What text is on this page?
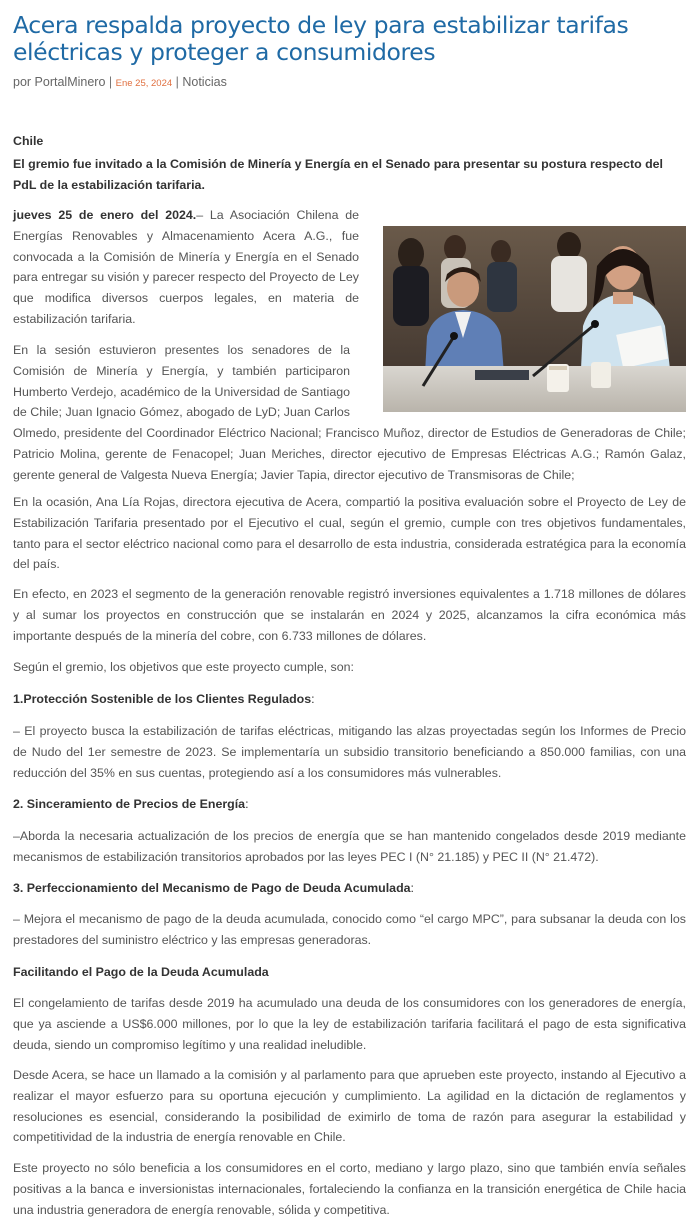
Acera respalda proyecto de ley para estabilizar tarifas eléctricas y proteger a consumidores
por PortalMinero | Ene 25, 2024 | Noticias
Chile
El gremio fue invitado a la Comisión de Minería y Energía en el Senado para presentar su postura respecto del PdL de la estabilización tarifaria.

jueves 25 de enero del 2024.– La Asociación Chilena de Energías Renovables y Almacenamiento Acera A.G., fue convocada a la Comisión de Minería y Energía en el Senado para entregar su visión y parecer respecto del Proyecto de Ley que modifica diversos cuerpos legales, en materia de estabilización tarifaria.

En la sesión estuvieron presentes los senadores de la Comisión de Minería y Energía, y también participaron Humberto Verdejo, académico de la Universidad de Santiago de Chile; Juan Ignacio Gómez, abogado de LyD; Juan Carlos Olmedo, presidente del Coordinador Eléctrico Nacional; Francisco Muñoz, director de Estudios de Generadoras de Chile; Patricio Molina, gerente de Fenacopel; Juan Meriches, director ejecutivo de Empresas Eléctricas A.G.; Ramón Galaz, gerente general de Valgesta Nueva Energía; Javier Tapia, director ejecutivo de Transmisoras de Chile;

En la ocasión, Ana Lía Rojas, directora ejecutiva de Acera, compartió la positiva evaluación sobre el Proyecto de Ley de Estabilización Tarifaria presentado por el Ejecutivo el cual, según el gremio, cumple con tres objetivos fundamentales, tanto para el sector eléctrico nacional como para el desarrollo de esta industria, considerada estratégica para la economía del país.

En efecto, en 2023 el segmento de la generación renovable registró inversiones equivalentes a 1.718 millones de dólares y al sumar los proyectos en construcción que se instalarán en 2024 y 2025, alcanzamos la cifra económica más importante después de la minería del cobre, con 6.733 millones de dólares.

Según el gremio, los objetivos que este proyecto cumple, son:

1.Protección Sostenible de los Clientes Regulados:

– El proyecto busca la estabilización de tarifas eléctricas, mitigando las alzas proyectadas según los Informes de Precio de Nudo del 1er semestre de 2023. Se implementaría un subsidio transitorio beneficiando a 850.000 familias, con una reducción del 35% en sus cuentas, protegiendo así a los consumidores más vulnerables.

2. Sinceramiento de Precios de Energía:

–Aborda la necesaria actualización de los precios de energía que se han mantenido congelados desde 2019 mediante mecanismos de estabilización transitorios aprobados por las leyes PEC I (N° 21.185) y PEC II (N° 21.472).

3. Perfeccionamiento del Mecanismo de Pago de Deuda Acumulada:

– Mejora el mecanismo de pago de la deuda acumulada, conocido como “el cargo MPC”, para subsanar la deuda con los prestadores del suministro eléctrico y las empresas generadoras.

Facilitando el Pago de la Deuda Acumulada

El congelamiento de tarifas desde 2019 ha acumulado una deuda de los consumidores con los generadores de energía, que ya asciende a US$6.000 millones, por lo que la ley de estabilización tarifaria facilitará el pago de esta significativa deuda, siendo un compromiso legítimo y una realidad ineludible.

Desde Acera, se hace un llamado a la comisión y al parlamento para que aprueben este proyecto, instando al Ejecutivo a realizar el mayor esfuerzo para su oportuna ejecución y cumplimiento. La agilidad en la dictación de reglamentos y resoluciones es esencial, considerando la posibilidad de eximirlo de toma de razón para asegurar la estabilidad y competitividad de la industria de energía renovable en Chile.

Este proyecto no sólo beneficia a los consumidores en el corto, mediano y largo plazo, sino que también envía señales positivas a la banca e inversionistas internacionales, fortaleciendo la confianza en la transición energética de Chile hacia una industria generadora de energía renovable, sólida y competitiva.
